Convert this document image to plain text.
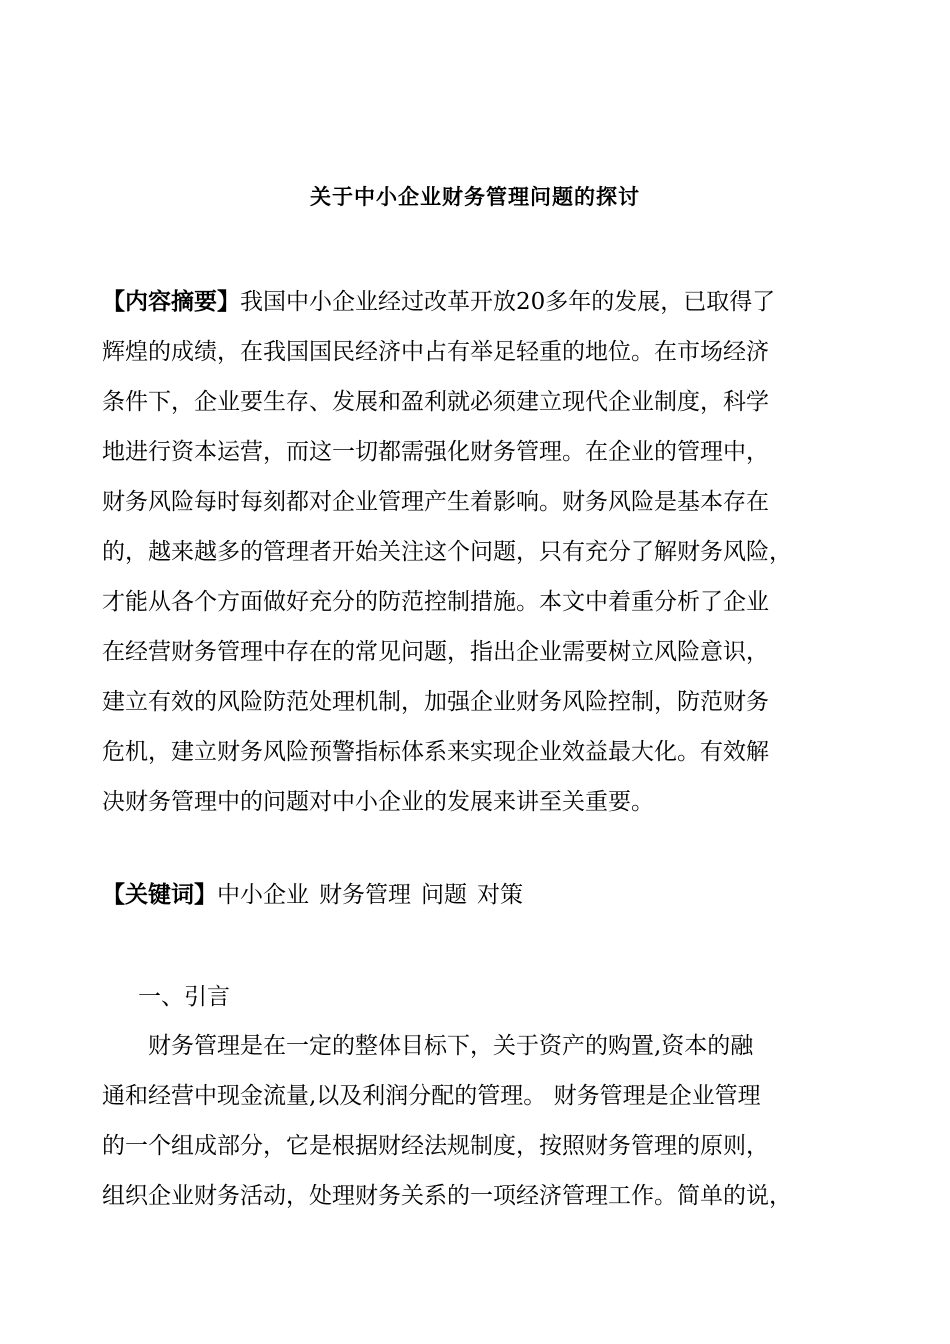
关于中小企业财务管理问题的探讨
【内容摘要】我国中小企业经过改革开放20多年的发展，已取得了
辉煌的成绩，在我国国民经济中占有举足轻重的地位。在市场经济
条件下，企业要生存、发展和盈利就必须建立现代企业制度，科学
地进行资本运营，而这一切都需强化财务管理。在企业的管理中，
财务风险每时每刻都对企业管理产生着影响。财务风险是基本存在
的，越来越多的管理者开始关注这个问题，只有充分了解财务风险，
才能从各个方面做好充分的防范控制措施。本文中着重分析了企业
在经营财务管理中存在的常见问题，指出企业需要树立风险意识，
建立有效的风险防范处理机制，加强企业财务风险控制，防范财务
危机，建立财务风险预警指标体系来实现企业效益最大化。有效解
决财务管理中的问题对中小企业的发展来讲至关重要。
【关键词】中小企业 财务管理 问题 对策
一、引言
财务管理是在一定的整体目标下，关于资产的购置,资本的融
通和经营中现金流量,以及利润分配的管理。 财务管理是企业管理
的一个组成部分，它是根据财经法规制度，按照财务管理的原则，
组织企业财务活动，处理财务关系的一项经济管理工作。简单的说，
